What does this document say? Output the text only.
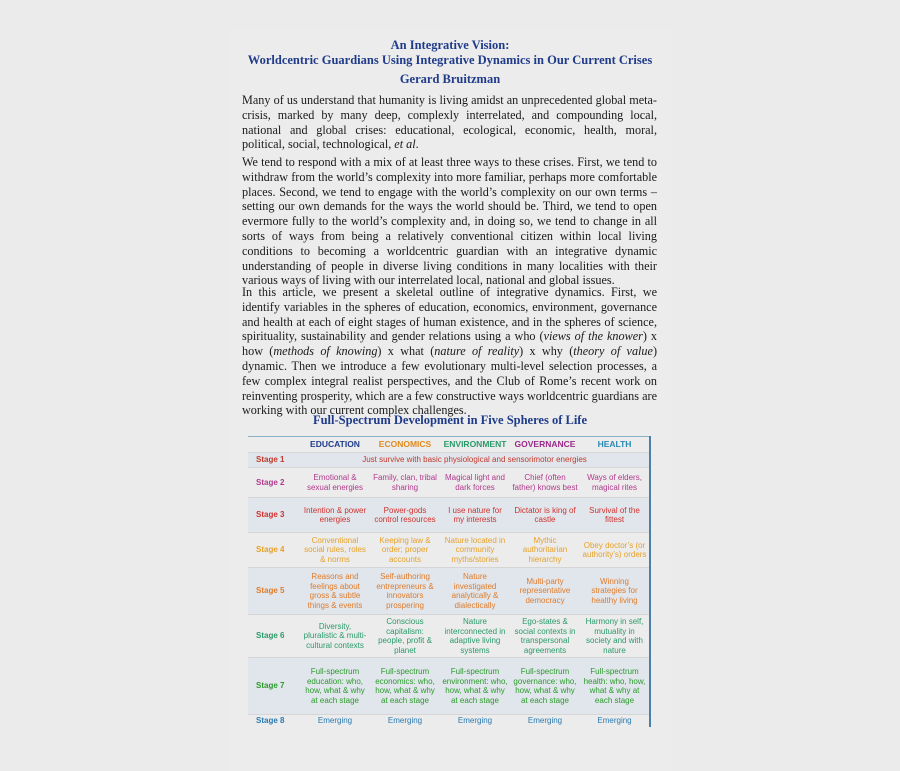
An Integrative Vision:
Worldcentric Guardians Using Integrative Dynamics in Our Current Crises
Gerard Bruitzman
Many of us understand that humanity is living amidst an unprecedented global meta-crisis, marked by many deep, complexly interrelated, and compounding local, national and global crises: educational, ecological, economic, health, moral, political, social, technological, et al.
We tend to respond with a mix of at least three ways to these crises. First, we tend to withdraw from the world’s complexity into more familiar, perhaps more comfortable places. Second, we tend to engage with the world’s complexity on our own terms – setting our own demands for the ways the world should be. Third, we tend to open evermore fully to the world’s complexity and, in doing so, we tend to change in all sorts of ways from being a relatively conventional citizen within local living conditions to becoming a worldcentric guardian with an integrative dynamic understanding of people in diverse living conditions in many localities with their various ways of living with our interrelated local, national and global issues.
In this article, we present a skeletal outline of integrative dynamics. First, we identify variables in the spheres of education, economics, environment, governance and health at each of eight stages of human existence, and in the spheres of science, spirituality, sustainability and gender relations using a who (views of the knower) x how (methods of knowing) x what (nature of reality) x why (theory of value) dynamic. Then we introduce a few evolutionary multi-level selection processes, a few complex integral realist perspectives, and the Club of Rome’s recent work on reinventing prosperity, which are a few constructive ways worldcentric guardians are working with our current complex challenges.
Full-Spectrum Development in Five Spheres of Life
	EDUCATION	ECONOMICS	ENVIRONMENT	GOVERNANCE	HEALTH
Stage 1	Just survive with basic physiological and sensorimotor energies				
Stage 2	Emotional & sexual energies	Family, clan, tribal sharing	Magical light and dark forces	Chief (often father) knows best	Ways of elders, magical rites
Stage 3	Intention & power energies	Power-gods control resources	I use nature for my interests	Dictator is king of castle	Survival of the fittest
Stage 4	Conventional social rules, roles & norms	Keeping law & order; proper accounts	Nature located in community myths/stories	Mythic authoritarian hierarchy	Obey doctor’s (or authority’s) orders
Stage 5	Reasons and feelings about gross & subtle things & events	Self-authoring entrepreneurs & innovators prospering	Nature investigated analytically & dialectically	Multi-party representative democracy	Winning strategies for healthy living
Stage 6	Diversity, pluralistic & multi-cultural contexts	Conscious capitalism: people, profit & planet	Nature interconnected in adaptive living systems	Ego-states & social contexts in transpersonal agreements	Harmony in self, mutuality in society and with nature
Stage 7	Full-spectrum education: who, how, what & why at each stage	Full-spectrum economics: who, how, what & why at each stage	Full-spectrum environment: who, how, what & why at each stage	Full-spectrum governance: who, how, what & why at each stage	Full-spectrum health: who, how, what & why at each stage
Stage 8	Emerging	Emerging	Emerging	Emerging	Emerging
